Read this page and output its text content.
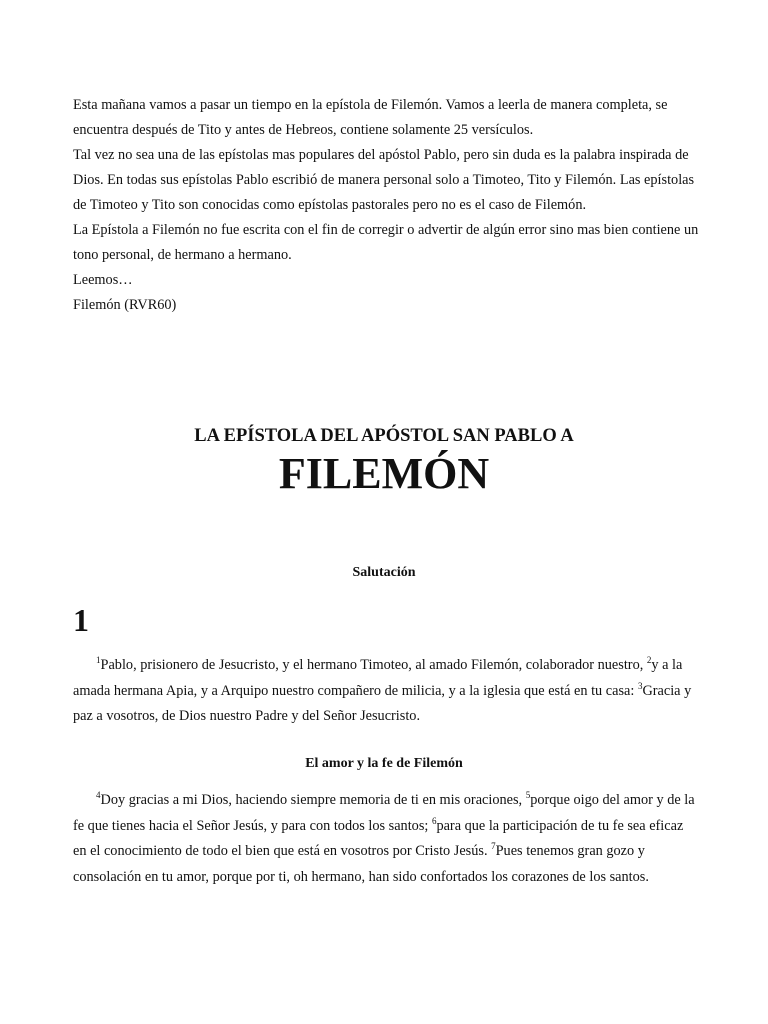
Esta mañana vamos a pasar un tiempo en la epístola de Filemón. Vamos a leerla de manera completa, se encuentra después de Tito y antes de Hebreos, contiene solamente 25 versículos.

Tal vez no sea una de las epístolas mas populares del apóstol Pablo, pero sin duda es la palabra inspirada de Dios. En todas sus epístolas Pablo escribió de manera personal solo a Timoteo, Tito y Filemón. Las epístolas de Timoteo y Tito son conocidas como epístolas pastorales pero no es el caso de Filemón.

La Epístola a Filemón no fue escrita con el fin de corregir o advertir de algún error sino mas bien contiene un tono personal, de hermano a hermano.

Leemos…

Filemón (RVR60)

LA EPÍSTOLA DEL APÓSTOL SAN PABLO A
FILEMÓN
Salutación
1

$^1$Pablo, prisionero de Jesucristo, y el hermano Timoteo, al amado Filemón, colaborador nuestro, $^2$y a la amada hermana Apia, y a Arquipo nuestro compañero de milicia, y a la iglesia que está en tu casa: $^3$Gracia y paz a vosotros, de Dios nuestro Padre y del Señor Jesucristo.

El amor y la fe de Filemón

$^4$Doy gracias a mi Dios, haciendo siempre memoria de ti en mis oraciones, $^5$porque oigo del amor y de la fe que tienes hacia el Señor Jesús, y para con todos los santos; $^6$para que la participación de tu fe sea eficaz en el conocimiento de todo el bien que está en vosotros por Cristo Jesús. $^7$Pues tenemos gran gozo y consolación en tu amor, porque por ti, oh hermano, han sido confortados los corazones de los santos.
